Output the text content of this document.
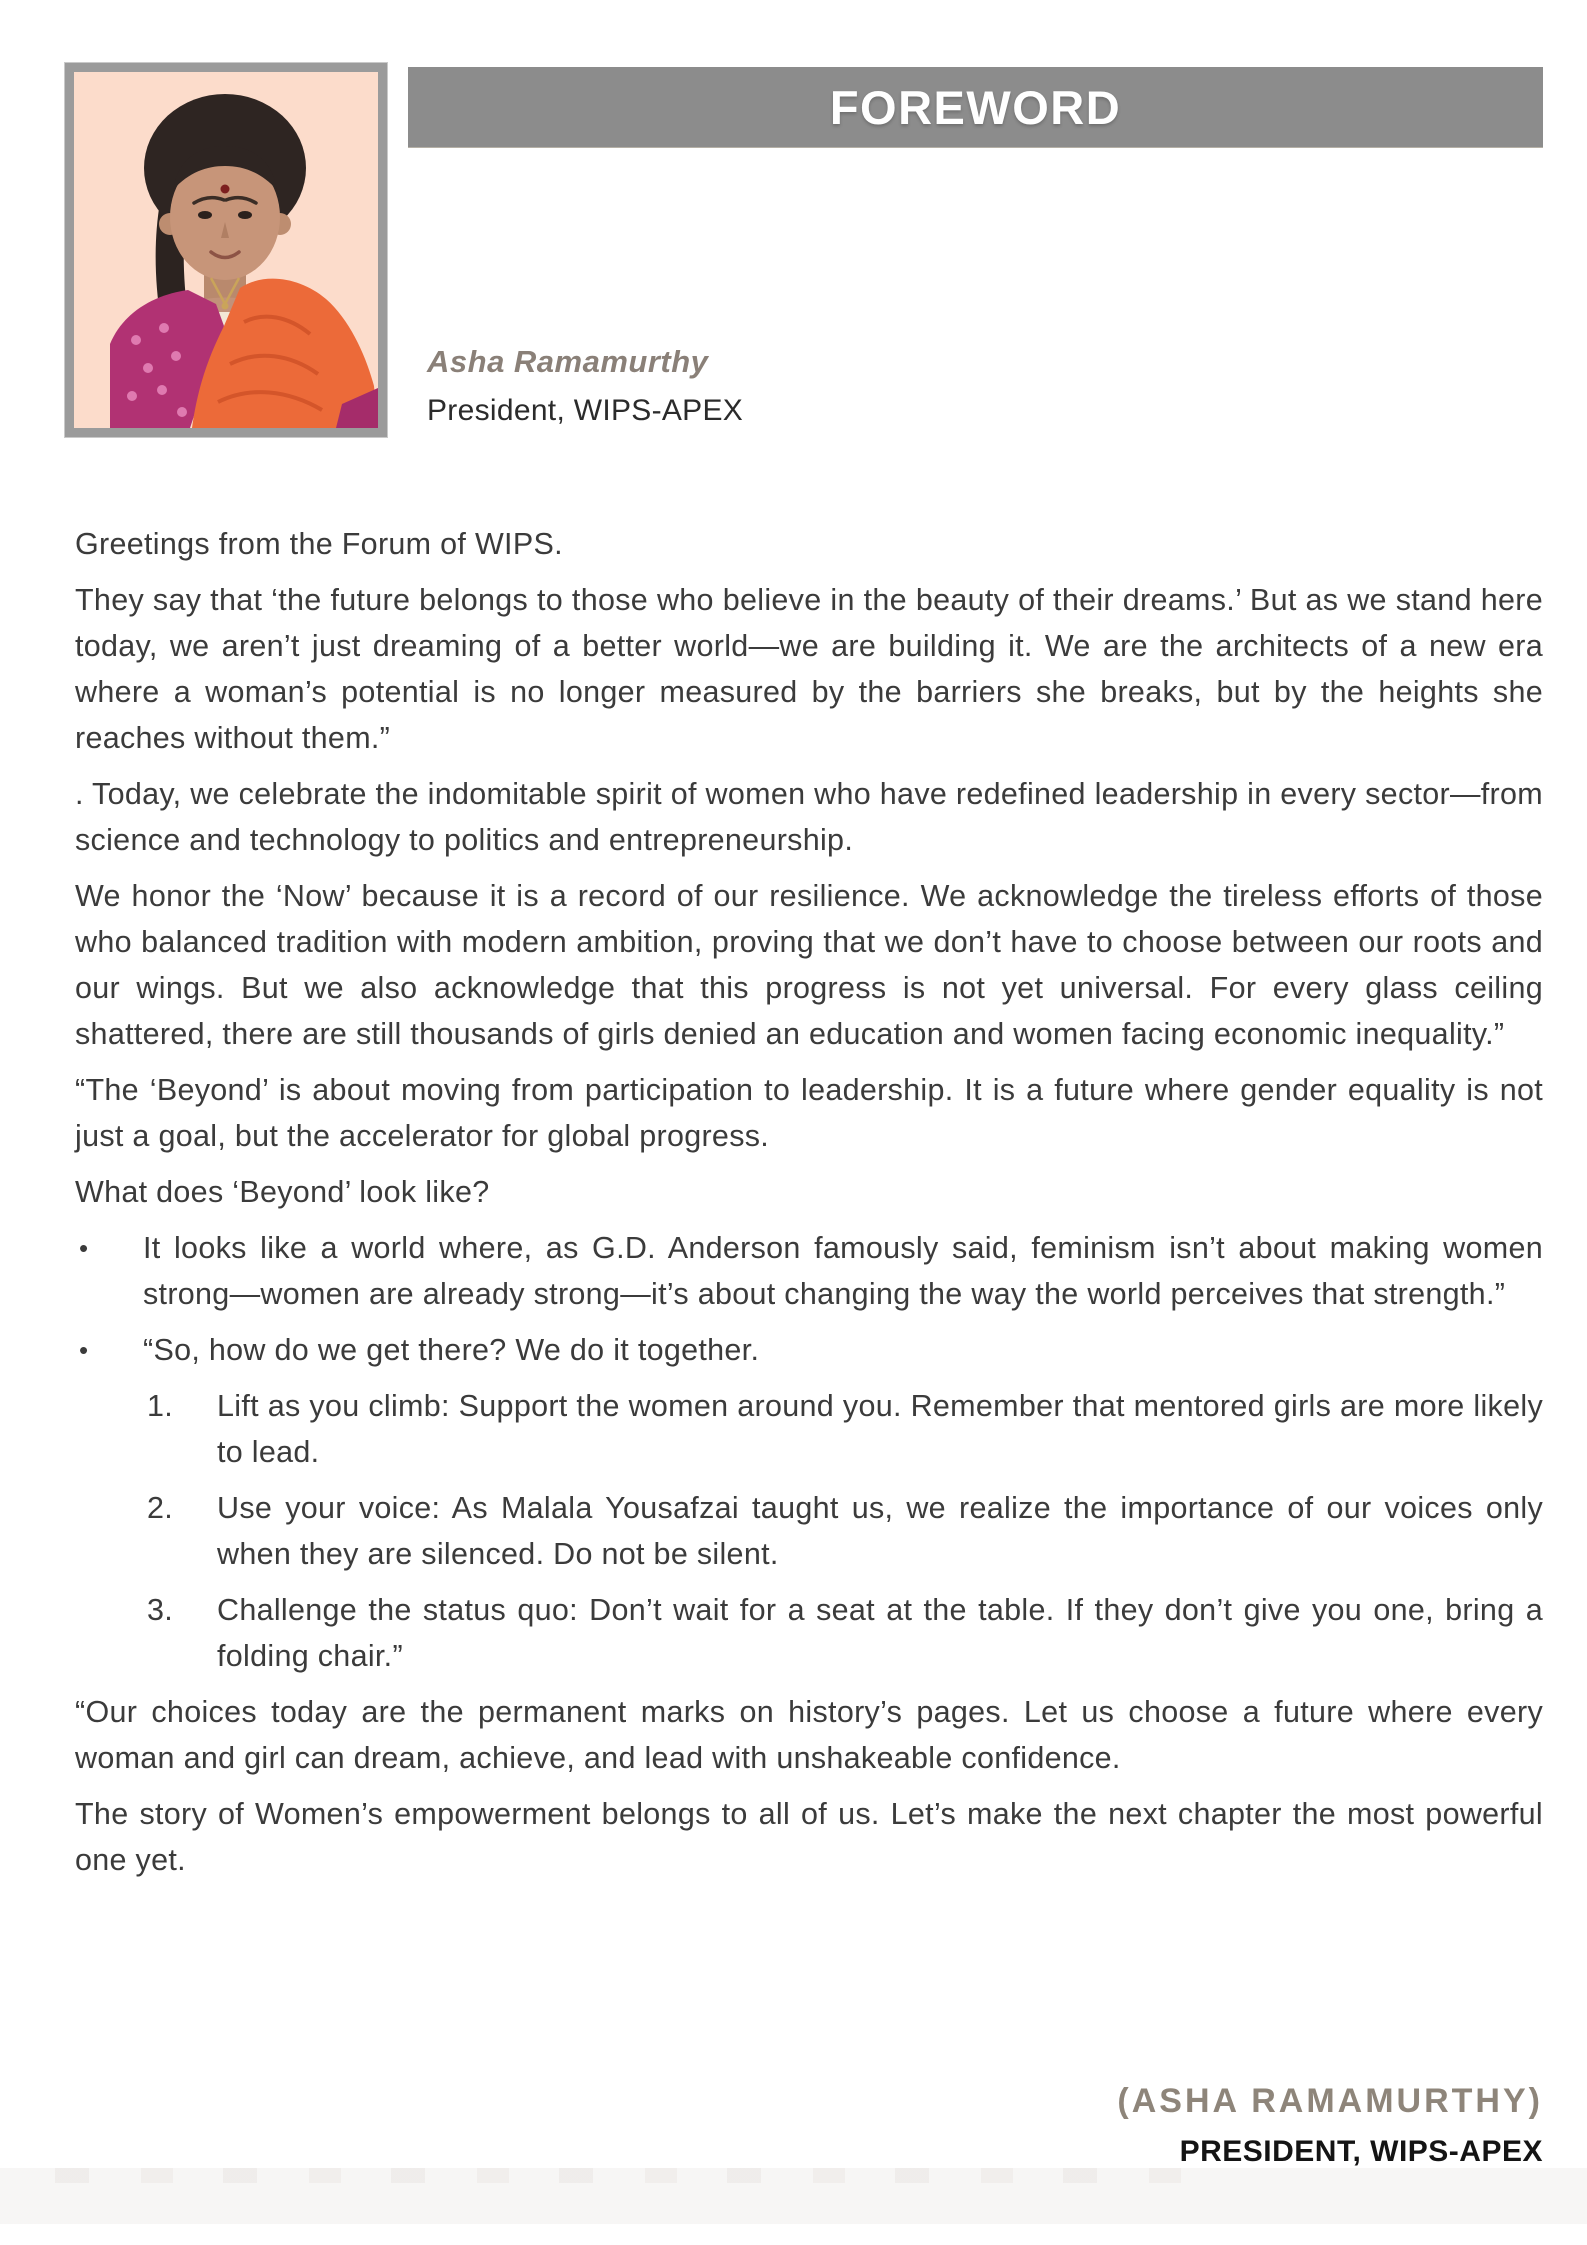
FOREWORD
Asha Ramamurthy
President, WIPS-APEX

Greetings from the Forum of WIPS.

They say that ‘the future belongs to those who believe in the beauty of their dreams.’ But as we stand here today, we aren’t just dreaming of a better world—we are building it. We are the architects of a new era where a woman’s potential is no longer measured by the barriers she breaks, but by the heights she reaches without them.”

. Today, we celebrate the indomitable spirit of women who have redefined leadership in every sector—from science and technology to politics and entrepreneurship.

We honor the ‘Now’ because it is a record of our resilience. We acknowledge the tireless efforts of those who balanced tradition with modern ambition, proving that we don’t have to choose between our roots and our wings. But we also acknowledge that this progress is not yet universal. For every glass ceiling shattered, there are still thousands of girls denied an education and women facing economic inequality.”

“The ‘Beyond’ is about moving from participation to leadership. It is a future where gender equality is not just a goal, but the accelerator for global progress.

What does ‘Beyond’ look like?

•	It looks like a world where, as G.D. Anderson famously said, feminism isn’t about making women strong—women are already strong—it’s about changing the way the world perceives that strength.”

•	“So, how do we get there? We do it together.

1.	Lift as you climb: Support the women around you. Remember that mentored girls are more likely to lead.

2.	Use your voice: As Malala Yousafzai taught us, we realize the importance of our voices only when they are silenced. Do not be silent.

3.	Challenge the status quo: Don’t wait for a seat at the table. If they don’t give you one, bring a folding chair.”

“Our choices today are the permanent marks on history’s pages. Let us choose a future where every woman and girl can dream, achieve, and lead with unshakeable confidence.

The story of Women’s empowerment belongs to all of us. Let’s make the next chapter the most powerful one yet.

(ASHA RAMAMURTHY)
PRESIDENT, WIPS-APEX
